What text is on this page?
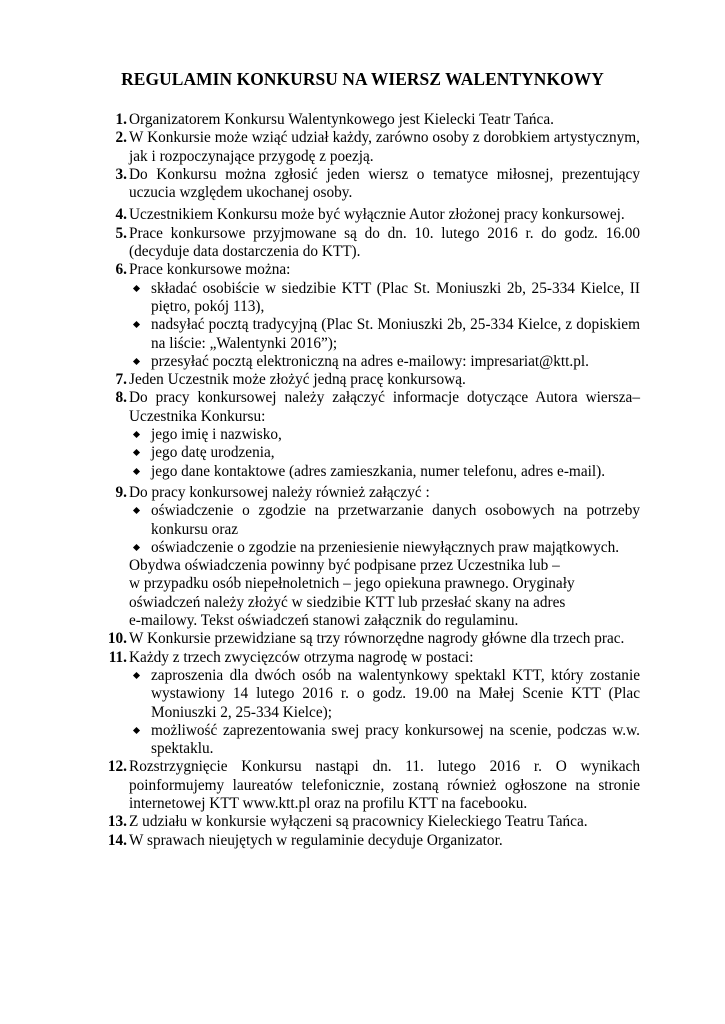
REGULAMIN KONKURSU NA WIERSZ WALENTYNKOWY
1. Organizatorem Konkursu Walentynkowego jest Kielecki Teatr Tańca.
2. W Konkursie może wziąć udział każdy, zarówno osoby z dorobkiem artystycznym, jak i rozpoczynające przygodę z poezją.
3. Do Konkursu można zgłosić jeden wiersz o tematyce miłosnej, prezentujący uczucia względem ukochanej osoby.
4. Uczestnikiem Konkursu może być wyłącznie Autor złożonej pracy konkursowej.
5. Prace konkursowe przyjmowane są do dn. 10. lutego 2016 r. do godz. 16.00 (decyduje data dostarczenia do KTT).
6. Prace konkursowe można:
składać osobiście w siedzibie KTT (Plac St. Moniuszki 2b, 25-334 Kielce, II piętro, pokój 113),
nadsyłać pocztą tradycyjną (Plac St. Moniuszki 2b, 25-334 Kielce, z dopiskiem na liście: „Walentynki 2016”);
przesyłać pocztą elektroniczną na adres e-mailowy: impresariat@ktt.pl.
7. Jeden Uczestnik może złożyć jedną pracę konkursową.
8. Do pracy konkursowej należy załączyć informacje dotyczące Autora wiersza– Uczestnika Konkursu:
jego imię i nazwisko,
jego datę urodzenia,
jego dane kontaktowe (adres zamieszkania, numer telefonu, adres e-mail).
9. Do pracy konkursowej należy również załączyć :
oświadczenie o zgodzie na przetwarzanie danych osobowych na potrzeby konkursu oraz
oświadczenie o zgodzie na przeniesienie niewyłącznych praw majątkowych.
Obydwa oświadczenia powinny być podpisane przez Uczestnika lub –
w przypadku osób niepełnoletnich – jego opiekuna prawnego. Oryginały
oświadczeń należy złożyć w siedzibie KTT lub przesłać skany na adres
e-mailowy. Tekst oświadczeń stanowi załącznik do regulaminu.
10. W Konkursie przewidziane są trzy równorzędne nagrody główne dla trzech prac.
11. Każdy z trzech zwycięzców otrzyma nagrodę w postaci:
zaproszenia dla dwóch osób na walentynkowy spektakl KTT, który zostanie wystawiony 14 lutego 2016 r. o godz. 19.00 na Małej Scenie KTT (Plac Moniuszki 2, 25-334 Kielce);
możliwość zaprezentowania swej pracy konkursowej na scenie, podczas w.w. spektaklu.
12. Rozstrzygnięcie Konkursu nastąpi dn. 11. lutego 2016 r. O wynikach poinformujemy laureatów telefonicznie, zostaną również ogłoszone na stronie internetowej KTT www.ktt.pl oraz na profilu KTT na facebooku.
13. Z udziału w konkursie wyłączeni są pracownicy Kieleckiego Teatru Tańca.
14. W sprawach nieujętych w regulaminie decyduje Organizator.
